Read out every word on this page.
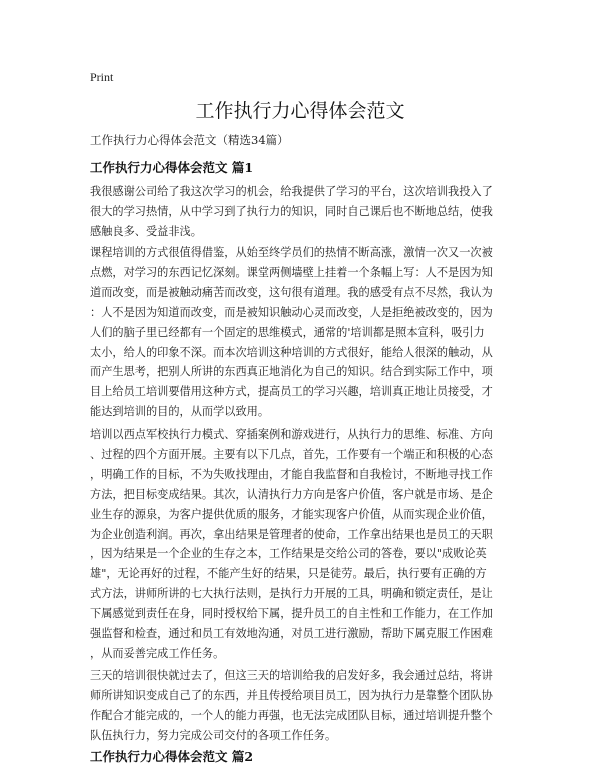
Print
工作执行力心得体会范文
工作执行力心得体会范文（精选34篇）
工作执行力心得体会范文 篇1
我很感谢公司给了我这次学习的机会，给我提供了学习的平台，这次培训我投入了
很大的学习热情，从中学习到了执行力的知识，同时自己课后也不断地总结，使我
感触良多、受益非浅。
课程培训的方式很值得借鉴，从始至终学员们的热情不断高涨，激情一次又一次被
点燃，对学习的东西记忆深刻。课堂两侧墙壁上挂着一个条幅上写：人不是因为知
道而改变，而是被触动痛苦而改变，这句很有道理。我的感受有点不尽然，我认为
：人不是因为知道而改变，而是被知识触动心灵而改变，人是拒绝被改变的，因为
人们的脑子里已经都有一个固定的思维模式，通常的'培训都是照本宣科，吸引力
太小，给人的印象不深。而本次培训这种培训的方式很好，能给人很深的触动，从
而产生思考，把别人所讲的东西真正地消化为自己的知识。结合到实际工作中，项
目上给员工培训要借用这种方式，提高员工的学习兴趣，培训真正地让员接受，才
能达到培训的目的，从而学以致用。
培训以西点军校执行力模式、穿插案例和游戏进行，从执行力的思维、标准、方向
、过程的四个方面开展。主要有以下几点，首先，工作要有一个端正和积极的心态
，明确工作的目标，不为失败找理由，才能自我监督和自我检讨，不断地寻找工作
方法，把目标变成结果。其次，认清执行力方向是客户价值，客户就是市场、是企
业生存的源泉，为客户提供优质的服务，才能实现客户价值，从而实现企业价值，
为企业创造利润。再次，拿出结果是管理者的使命，工作拿出结果也是员工的天职
，因为结果是一个企业的生存之本，工作结果是交给公司的答卷，要以"成败论英
雄"，无论再好的过程，不能产生好的结果，只是徒劳。最后，执行要有正确的方
式方法，讲师所讲的七大执行法则，是执行力开展的工具，明确和锁定责任，是让
下属感觉到责任在身，同时授权给下属，提升员工的自主性和工作能力，在工作加
强监督和检查，通过和员工有效地沟通，对员工进行激励，帮助下属克服工作困难
，从而妥善完成工作任务。
三天的培训很快就过去了，但这三天的培训给我的启发好多，我会通过总结，将讲
师所讲知识变成自己了的东西，并且传授给项目员工，因为执行力是靠整个团队协
作配合才能完成的，一个人的能力再强，也无法完成团队目标，通过培训提升整个
队伍执行力，努力完成公司交付的各项工作任务。
工作执行力心得体会范文 篇2
